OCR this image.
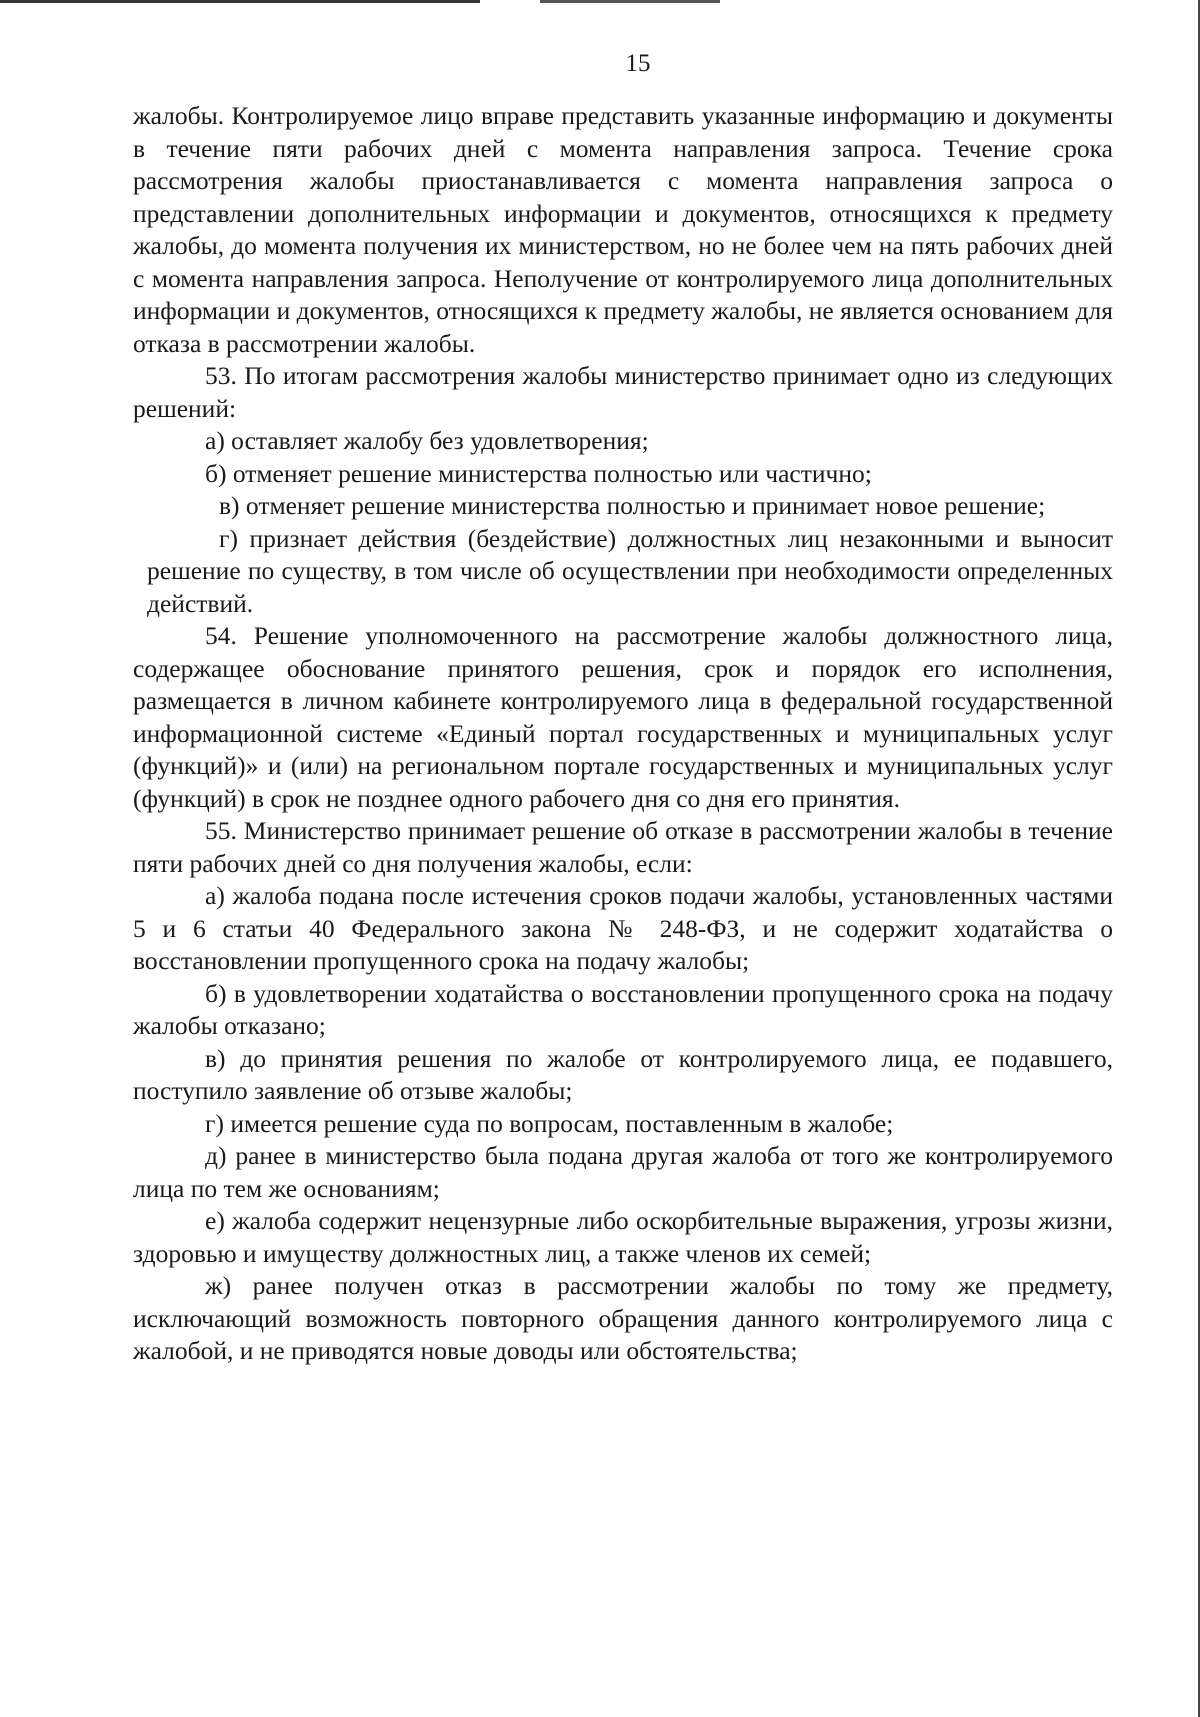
15

жалобы. Контролируемое лицо вправе представить указанные информацию и документы в течение пяти рабочих дней с момента направления запроса. Течение срока рассмотрения жалобы приостанавливается с момента направления запроса о представлении дополнительных информации и документов, относящихся к предмету жалобы, до момента получения их министерством, но не более чем на пять рабочих дней с момента направления запроса. Неполучение от контролируемого лица дополнительных информации и документов, относящихся к предмету жалобы, не является основанием для отказа в рассмотрении жалобы.

53. По итогам рассмотрения жалобы министерство принимает одно из следующих решений:

а) оставляет жалобу без удовлетворения;

б) отменяет решение министерства полностью или частично;

в) отменяет решение министерства полностью и принимает новое решение;

г) признает действия (бездействие) должностных лиц незаконными и выносит решение по существу, в том числе об осуществлении при необходимости определенных действий.

54. Решение уполномоченного на рассмотрение жалобы должностного лица, содержащее обоснование принятого решения, срок и порядок его исполнения, размещается в личном кабинете контролируемого лица в федеральной государственной информационной системе «Единый портал государственных и муниципальных услуг (функций)» и (или) на региональном портале государственных и муниципальных услуг (функций) в срок не позднее одного рабочего дня со дня его принятия.

55. Министерство принимает решение об отказе в рассмотрении жалобы в течение пяти рабочих дней со дня получения жалобы, если:

а) жалоба подана после истечения сроков подачи жалобы, установленных частями 5 и 6 статьи 40 Федерального закона № 248-ФЗ, и не содержит ходатайства о восстановлении пропущенного срока на подачу жалобы;

б) в удовлетворении ходатайства о восстановлении пропущенного срока на подачу жалобы отказано;

в) до принятия решения по жалобе от контролируемого лица, ее подавшего, поступило заявление об отзыве жалобы;

г) имеется решение суда по вопросам, поставленным в жалобе;

д) ранее в министерство была подана другая жалоба от того же контролируемого лица по тем же основаниям;

е) жалоба содержит нецензурные либо оскорбительные выражения, угрозы жизни, здоровью и имуществу должностных лиц, а также членов их семей;

ж) ранее получен отказ в рассмотрении жалобы по тому же предмету, исключающий возможность повторного обращения данного контролируемого лица с жалобой, и не приводятся новые доводы или обстоятельства;
